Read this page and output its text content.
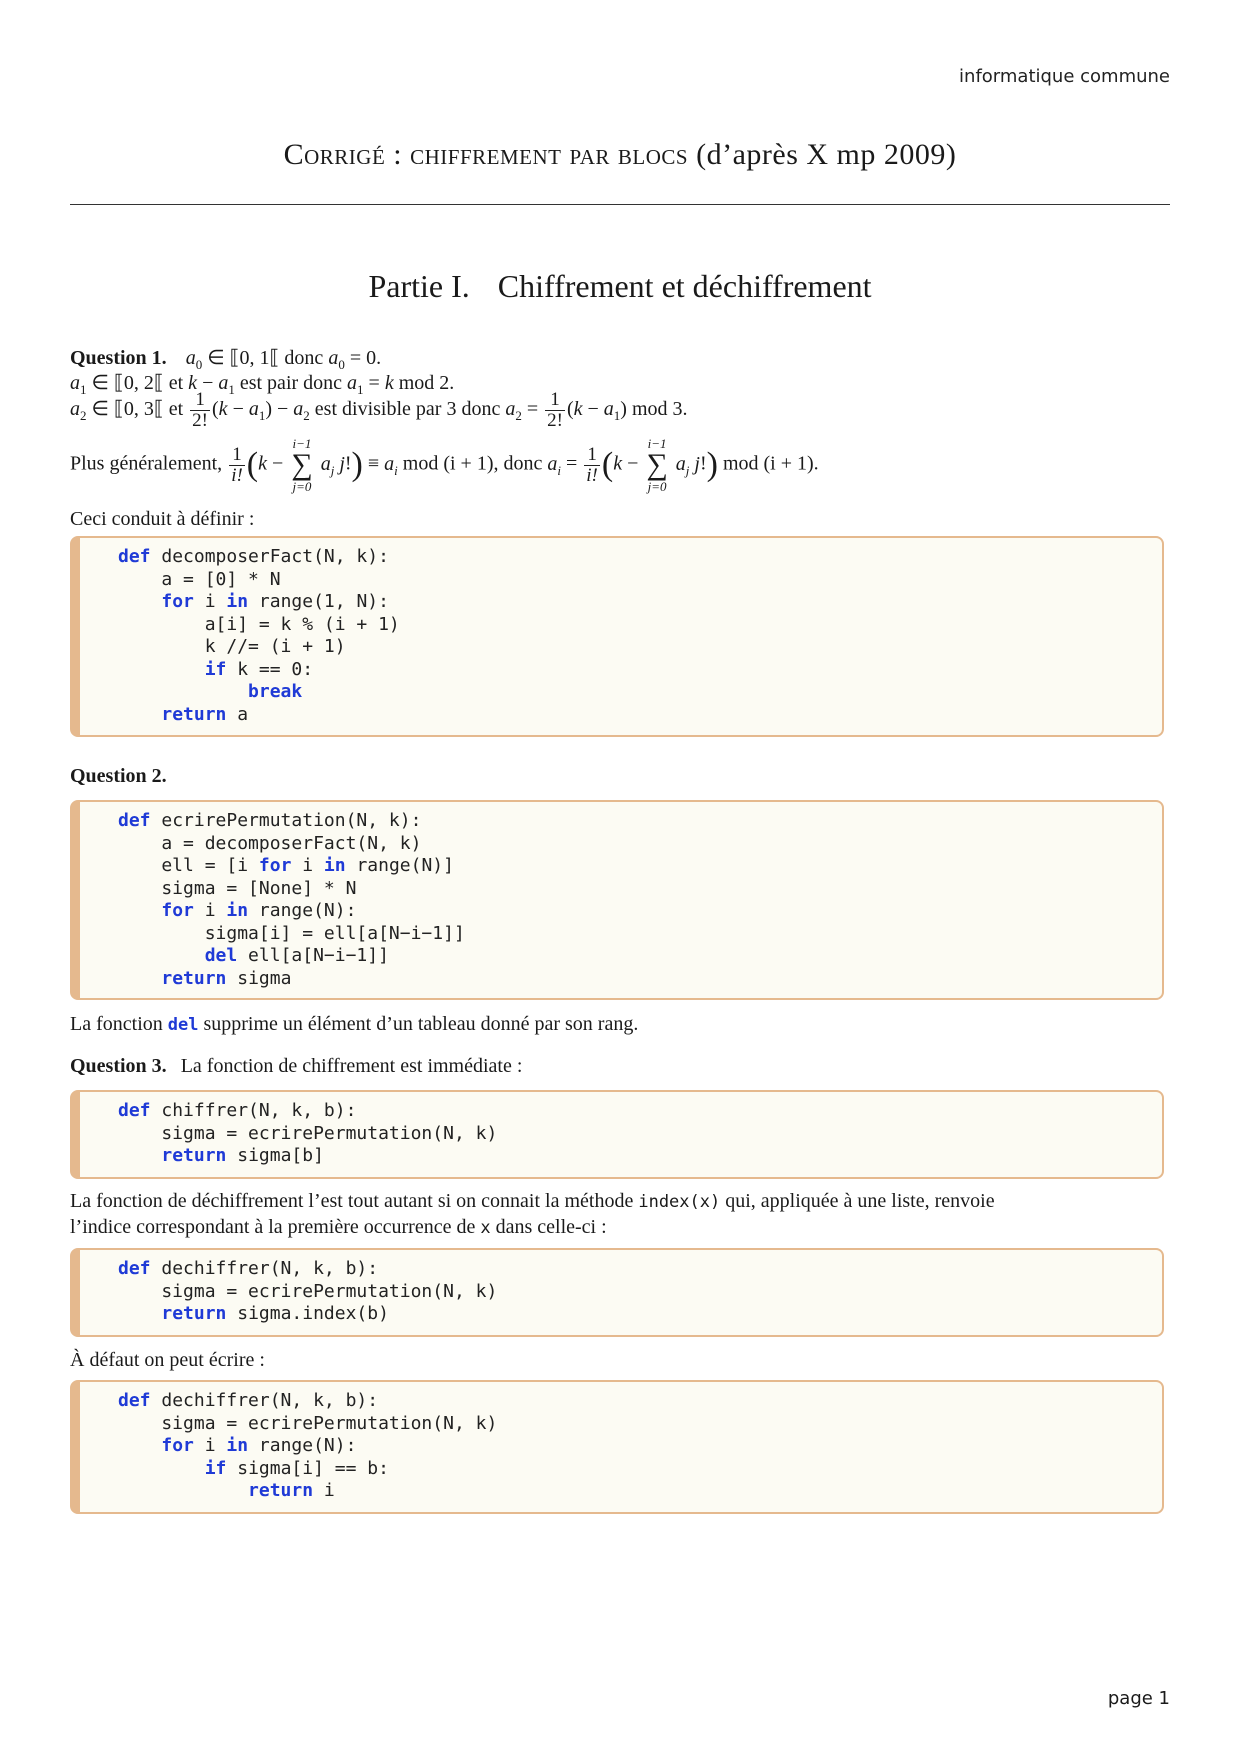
informatique commune
Corrigé : chiffrement par blocs (d’après X mp 2009)
Partie I. Chiffrement et déchiffrement
Question 1. $a_0$ ∈ ⟦0, 1⟦ donc $a_0 = 0$.
$a_1$ ∈ ⟦0, 2⟦ et $k - a_1$ est pair donc $a_1 = k$ mod 2.
$a_2$ ∈ ⟦0, 3⟦ et $\frac{1}{2!} (k - a_1) - a_2$ est divisible par 3 donc $a_2 = \frac{1}{2!} (k - a_1)$ mod 3.
Plus généralement, $\frac{1}{i!} (k$ −
i−1
∑
j=0
$a_j$ $j!) \equiv a_i$ mod (i + 1), donc $a_i = \frac{1}{i!} (k$ −
i−1
∑
j=0
$a_j$ j!) mod (i + 1).
Ceci conduit à définir :
def decomposerFact(N, k):
a = [0] * N
for i in range(1, N):
a[i] = k % (i + 1)
k //= (i + 1)
if k == 0:
break
return a
Question 2.
def ecrirePermutation(N, k):
a = decomposerFact(N, k)
ell = [i for i in range(N)]
sigma = [None] * N
for i in range(N):
sigma[i] = ell[a[N−i−1]]
del ell[a[N−i−1]]
return sigma
La fonction del supprime un élément d’un tableau donné par son rang.
Question 3. La fonction de chiffrement est immédiate :
def chiffrer(N, k, b):
sigma = ecrirePermutation(N, k)
return sigma[b]
La fonction de déchiffrement l’est tout autant si on connait la méthode index(x) qui, appliquée à une liste, renvoie
l’indice correspondant à la première occurrence de x dans celle-ci :
def dechiffrer(N, k, b):
sigma = ecrirePermutation(N, k)
return sigma.index(b)
À défaut on peut écrire :
def dechiffrer(N, k, b):
sigma = ecrirePermutation(N, k)
for i in range(N):
if sigma[i] == b:
return i
page 1
